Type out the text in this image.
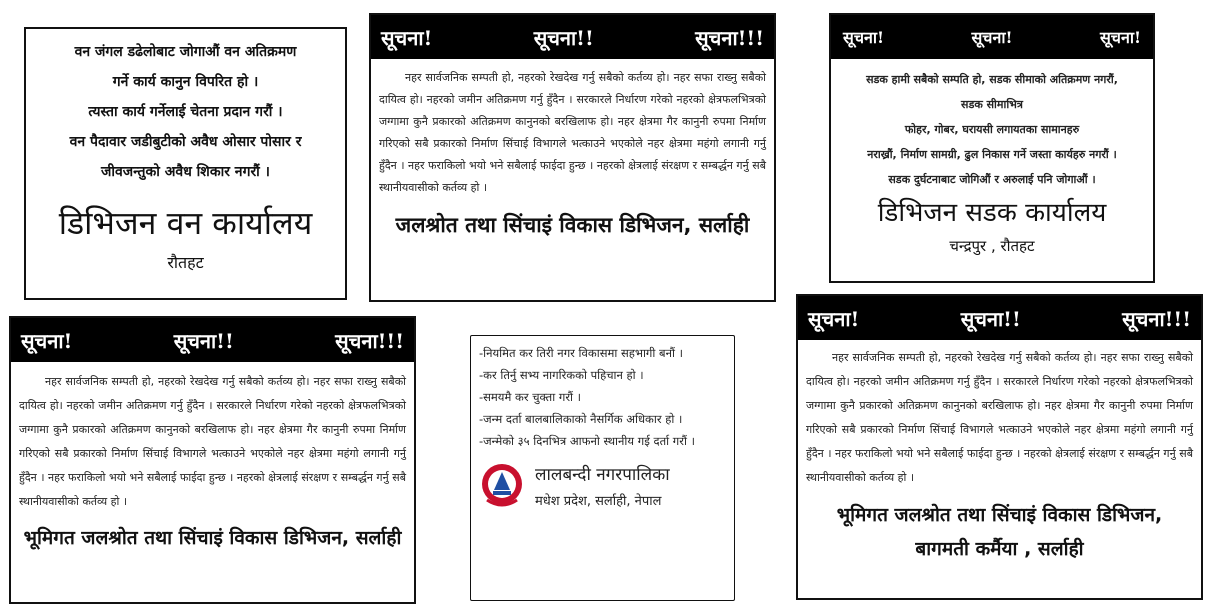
वन जंगल डढेलोबाट जोगाऔं वन अतिक्रमण
गर्ने कार्य कानुन विपरित हो ।
त्यस्ता कार्य गर्नेलाई चेतना प्रदान गरौं ।
वन पैदावार जडीबुटीको अवैध ओसार पोसार र
जीवजन्तुको अवैध शिकार नगरौं ।
डिभिजन वन कार्यालय
रौतहट
सूचना!	सूचना!!	सूचना!!!

नहर सार्वजनिक सम्पती हो, नहरको रेखदेख गर्नु सबैको कर्तव्य हो। नहर सफा राख्नु सबैको दायित्व हो। नहरको जमीन अतिक्रमण गर्नु हुँदैन । सरकारले निर्धारण गरेको नहरको क्षेत्रफलभित्रको जग्गामा कुनै प्रकारको अतिक्रमण कानुनको बरखिलाफ हो। नहर क्षेत्रमा गैर कानुनी रुपमा निर्माण गरिएको सबै प्रकारको निर्माण सिंचाई विभागले भत्काउने भएकोले नहर क्षेत्रमा महंगो लगानी गर्नु हुँदैन । नहर फराकिलो भयो भने सबैलाई फाईदा हुन्छ । नहरको क्षेत्रलाई संरक्षण र सम्बर्द्धन गर्नु सबै स्थानीयवासीको कर्तव्य हो ।

जलश्रोत तथा सिंचाइं विकास डिभिजन, सर्लाही
सूचना!	सूचना!	सूचना!
सडक हामी सबैको सम्पति हो, सडक सीमाको अतिक्रमण नगरौं,
सडक सीमाभित्र
फोहर, गोबर, घरायसी लगायतका सामानहरु
नराख्रौं, निर्माण सामग्री, ढुल निकास गर्ने जस्ता कार्यहरु नगरौं ।
सडक दुर्घटनाबाट जोगिऔं र अरुलाई पनि जोगाऔं ।
डिभिजन सडक कार्यालय
चन्द्रपुर , रौतहट
सूचना!	सूचना!!	सूचना!!!

नहर सार्वजनिक सम्पती हो, नहरको रेखदेख गर्नु सबैको कर्तव्य हो। नहर सफा राख्नु सबैको दायित्व हो। नहरको जमीन अतिक्रमण गर्नु हुँदैन । सरकारले निर्धारण गरेको नहरको क्षेत्रफलभित्रको जग्गामा कुनै प्रकारको अतिक्रमण कानुनको बरखिलाफ हो। नहर क्षेत्रमा गैर कानुनी रुपमा निर्माण गरिएको सबै प्रकारको निर्माण सिंचाई विभागले भत्काउने भएकोले नहर क्षेत्रमा महंगो लगानी गर्नु हुँदैन । नहर फराकिलो भयो भने सबैलाई फाईदा हुन्छ । नहरको क्षेत्रलाई संरक्षण र सम्बर्द्धन गर्नु सबै स्थानीयवासीको कर्तव्य हो ।

भूमिगत जलश्रोत तथा सिंचाइं विकास डिभिजन, सर्लाही
-नियमित कर तिरी नगर विकासमा सहभागी बनौं ।
-कर तिर्नु सभ्य नागरिकको पहिचान हो ।
-समयमै कर चुक्ता गरौं ।
-जन्म दर्ता बालबालिकाको नैसर्गिक अधिकार हो ।
-जन्मेको ३५ दिनभित्र आफनो स्थानीय गई दर्ता गरौं ।
लालबन्दी नगरपालिका
मधेश प्रदेश, सर्लाही, नेपाल
सूचना!	सूचना!!	सूचना!!!

नहर सार्वजनिक सम्पती हो, नहरको रेखदेख गर्नु सबैको कर्तव्य हो। नहर सफा राख्नु सबैको दायित्व हो। नहरको जमीन अतिक्रमण गर्नु हुँदैन । सरकारले निर्धारण गरेको नहरको क्षेत्रफलभित्रको जग्गामा कुनै प्रकारको अतिक्रमण कानुनको बरखिलाफ हो। नहर क्षेत्रमा गैर कानुनी रुपमा निर्माण गरिएको सबै प्रकारको निर्माण सिंचाई विभागले भत्काउने भएकोले नहर क्षेत्रमा महंगो लगानी गर्नु हुँदैन । नहर फराकिलो भयो भने सबैलाई फाईदा हुन्छ । नहरको क्षेत्रलाई संरक्षण र सम्बर्द्धन गर्नु सबै स्थानीयवासीको कर्तव्य हो ।

भूमिगत जलश्रोत तथा सिंचाइं विकास डिभिजन,
बागमती कर्मैया , सर्लाही
